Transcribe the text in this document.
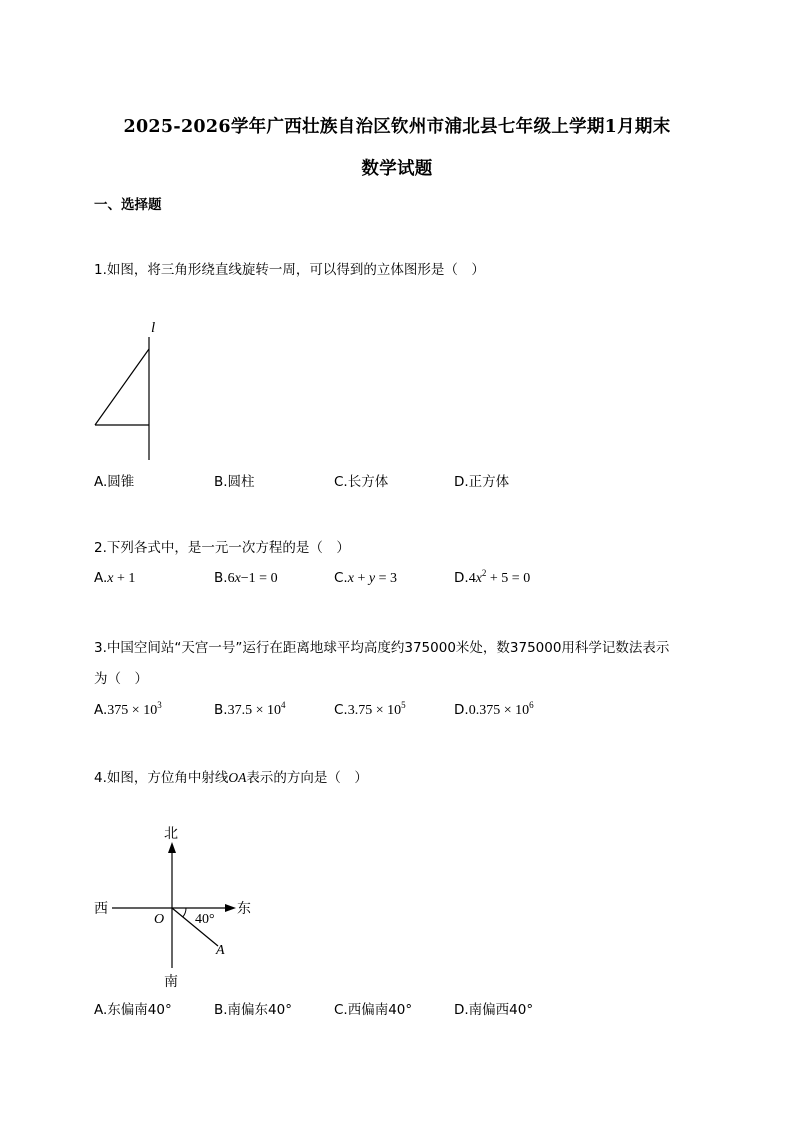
2025-2026学年广西壮族自治区钦州市浦北县七年级上学期1月期末
数学试题
一、选择题
1.如图，将三角形绕直线旋转一周，可以得到的立体图形是（　）
l
A.圆锥	B.圆柱	C.长方体	D.正方体
2.下列各式中，是一元一次方程的是（　）
A.x + 1	B.6x−1 = 0	C.x + y = 3	$D.4x^2 + 5 = 0$
3.中国空间站“天宫一号”运行在距离地球平均高度约375000米处，数375000用科学记数法表示
为（　）
$A.375 \times 10^3$	$B.37.5 \times 10^4$	$C.3.75 \times 10^5$	$D.0.375 \times 10^6$
4.如图，方位角中射线OA表示的方向是（　）
北
南
东
西
O
A
40°
A.东偏南40°	B.南偏东40°	C.西偏南40°	D.南偏西40°
